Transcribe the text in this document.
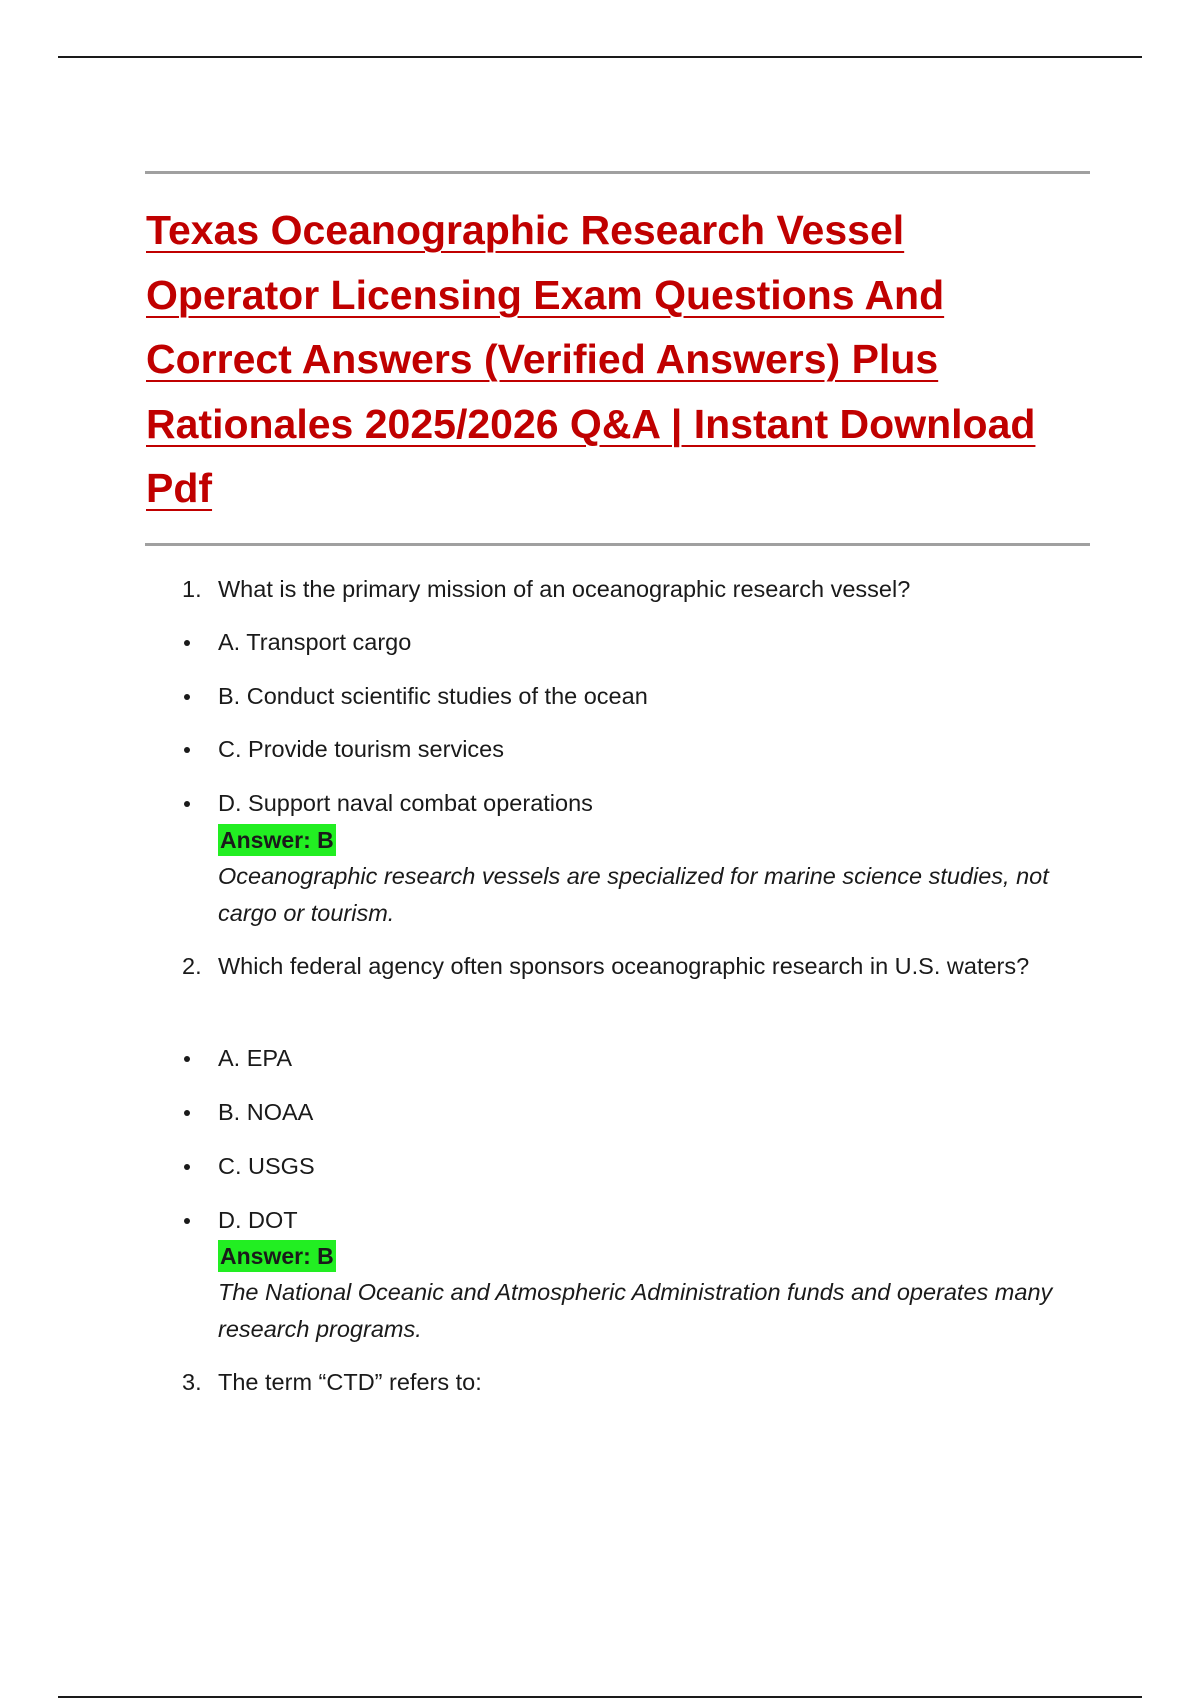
Texas Oceanographic Research Vessel Operator Licensing Exam Questions And Correct Answers (Verified Answers) Plus Rationales 2025/2026 Q&A | Instant Download Pdf
1. What is the primary mission of an oceanographic research vessel?
A. Transport cargo
B. Conduct scientific studies of the ocean
C. Provide tourism services
D. Support naval combat operations
Answer: B
Oceanographic research vessels are specialized for marine science studies, not cargo or tourism.
2. Which federal agency often sponsors oceanographic research in U.S. waters?
A. EPA
B. NOAA
C. USGS
D. DOT
Answer: B
The National Oceanic and Atmospheric Administration funds and operates many research programs.
3. The term “CTD” refers to:
